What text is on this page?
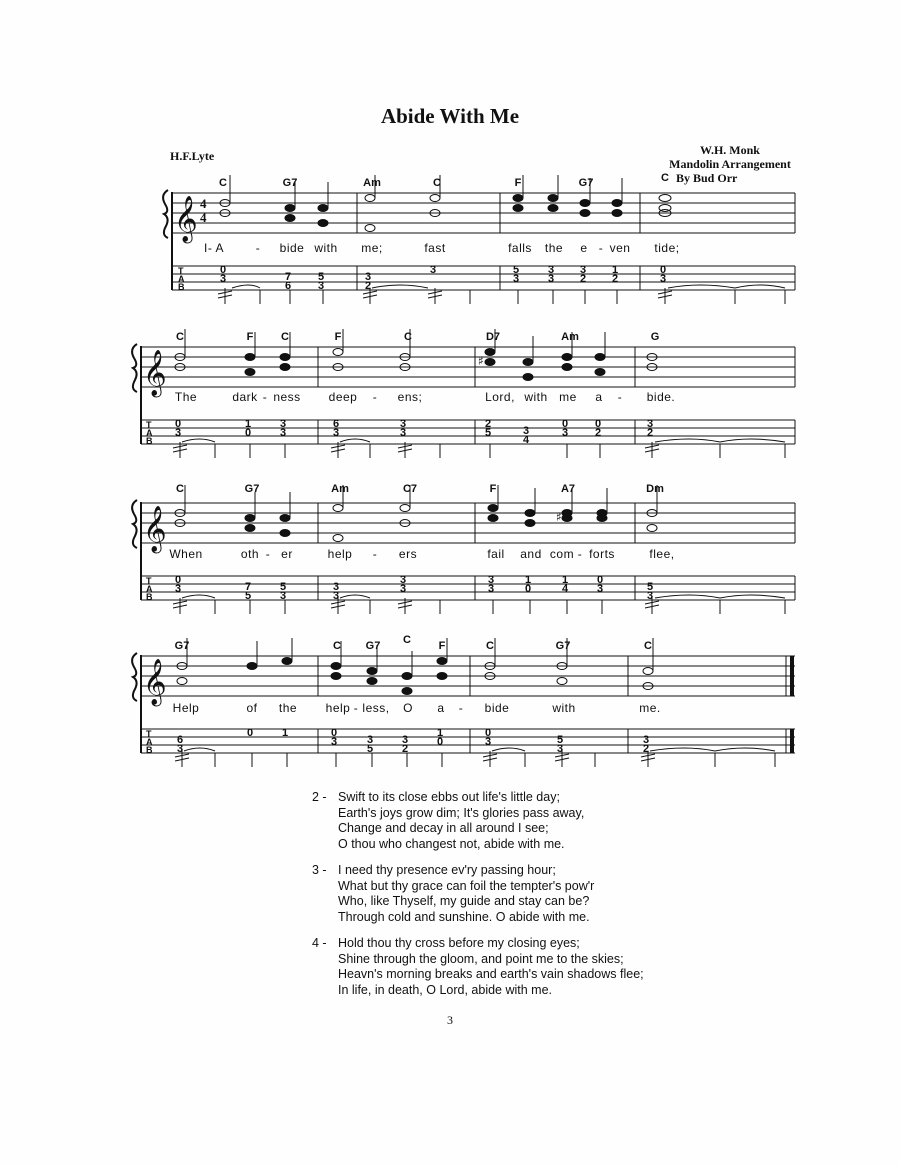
Abide With Me
H.F.Lyte	W.H. Monk
Mandolin Arrangement
By Bud Orr
𝄞 4
4
T
A
B
C	G7	Am	C	F	G7	C
I- A	- bide with me;	fast	falls the e - ven tide;
0
3	7
6
5
3
3
2
3	5
3
3
3
3
2
1
2
0
3
𝄞
T
A
B
♯
C	F	C	F	C	D7	Am	G
The	dark - ness deep - ens;	Lord, with me a - bide.
0
3
1
0
3
3
6
3
3
3
2
5	3
4
0
3
0
2
3
2
𝄞
T
A
B
♯
C	G7	Am	C7	F	A7	Dm
When	oth - er	help - ers	fail and com - forts	flee,
0
3	7
5
5
3
3
3
3
3
3
3
1
0
1
4
0
3	5
3
𝄞
T
A
B
G7	C G7 C	F	C	G7	C
Help	of the help - less, O a - bide	with	me.
6
3
0	1	0
3	3
5
3
2
1
0
0
3	5
3
3
2
2 - Swift to its close ebbs out life's little day;
Earth's joys grow dim; It's glories pass away,
Change and decay in all around I see;
O thou who changest not, abide with me.
3 - I need thy presence ev'ry passing hour;
What but thy grace can foil the tempter's pow'r
Who, like Thyself, my guide and stay can be?
Through cold and sunshine. O abide with me.
4 - Hold thou thy cross before my closing eyes;
Shine through the gloom, and point me to the skies;
Heavn's morning breaks and earth's vain shadows flee;
In life, in death, O Lord, abide with me.
3
